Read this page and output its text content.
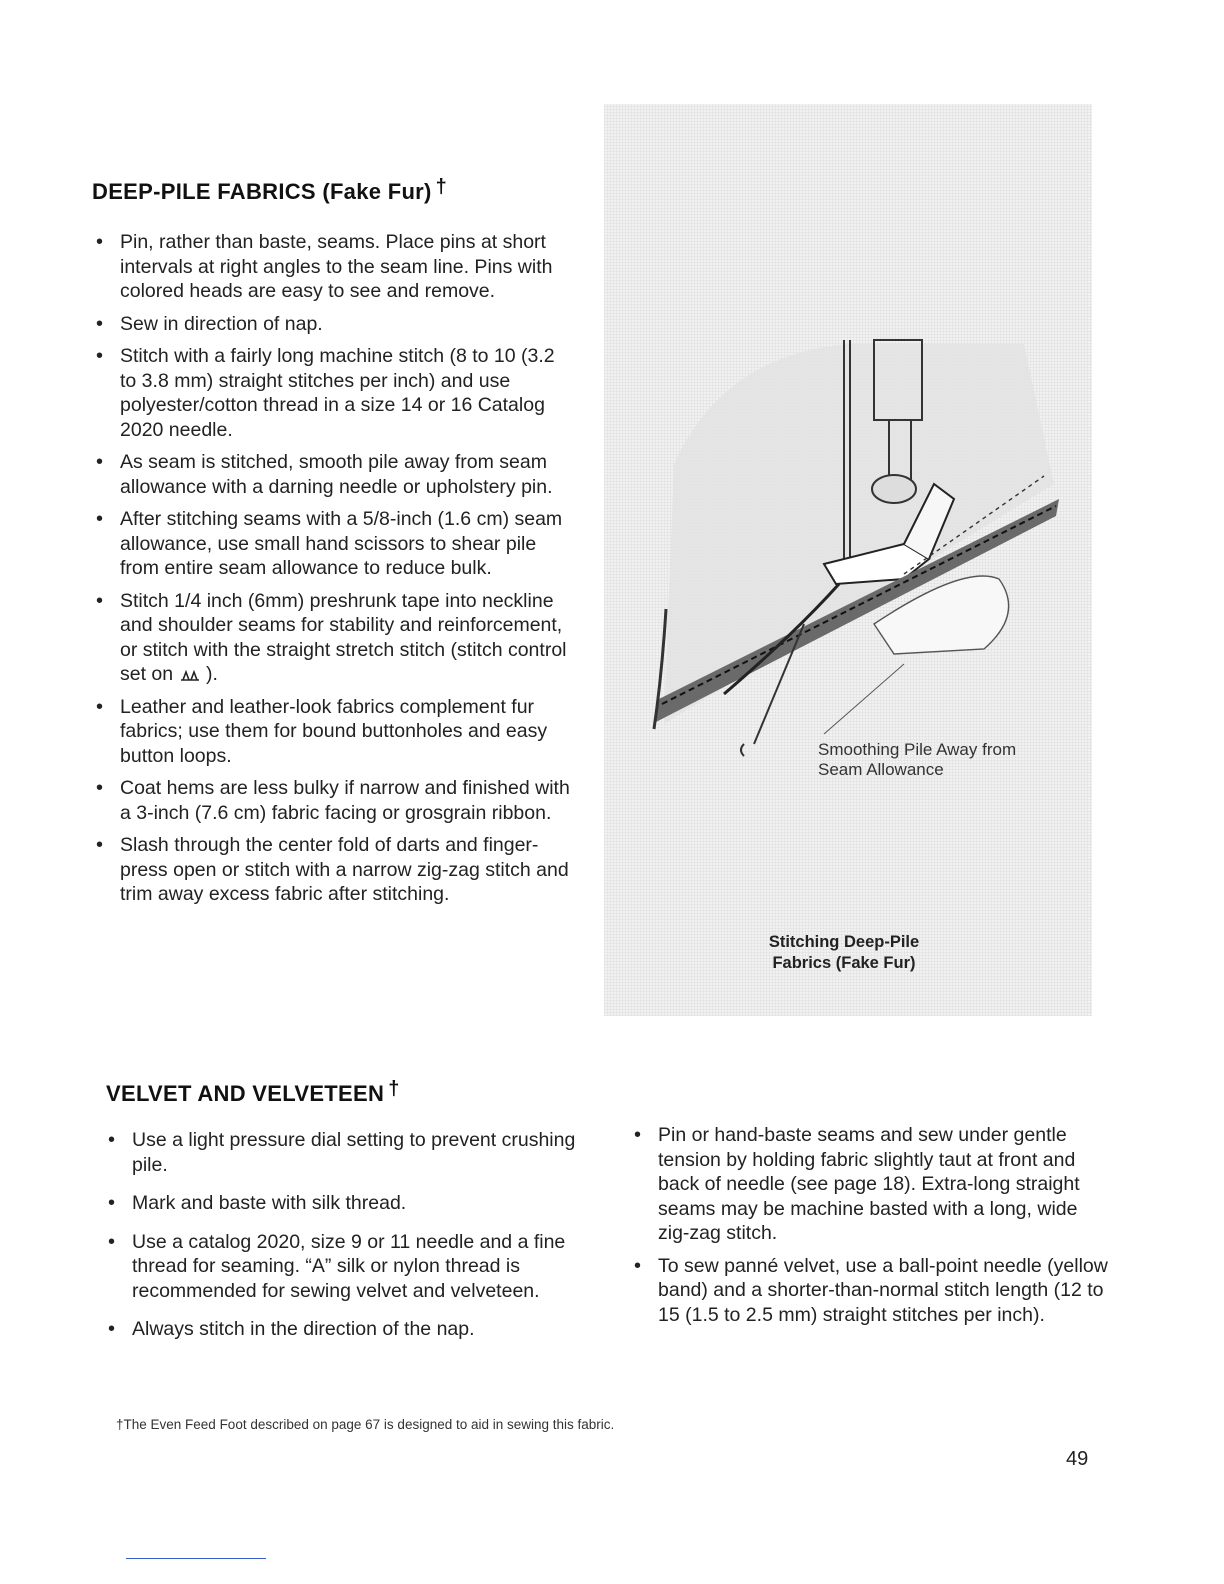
DEEP-PILE FABRICS (Fake Fur) †
• Pin, rather than baste, seams. Place pins at short intervals at right angles to the seam line. Pins with colored heads are easy to see and remove.
• Sew in direction of nap.
• Stitch with a fairly long machine stitch (8 to 10 (3.2 to 3.8 mm) straight stitches per inch) and use polyester/cotton thread in a size 14 or 16 Catalog 2020 needle.
• As seam is stitched, smooth pile away from seam allowance with a darning needle or upholstery pin.
• After stitching seams with a 5/8-inch (1.6 cm) seam allowance, use small hand scissors to shear pile from entire seam allowance to reduce bulk.
• Stitch 1/4 inch (6mm) preshrunk tape into neckline and shoulder seams for stability and reinforcement, or stitch with the straight stretch stitch (stitch control set on ).
• Leather and leather-look fabrics complement fur fabrics; use them for bound buttonholes and easy button loops.
• Coat hems are less bulky if narrow and finished with a 3-inch (7.6 cm) fabric facing or grosgrain ribbon.
• Slash through the center fold of darts and finger-press open or stitch with a narrow zig-zag stitch and trim away excess fabric after stitching.
Smoothing Pile Away from Seam Allowance
Stitching Deep-Pile
Fabrics (Fake Fur)
VELVET AND VELVETEEN †
• Use a light pressure dial setting to prevent crushing pile.
• Mark and baste with silk thread.
• Use a catalog 2020, size 9 or 11 needle and a fine thread for seaming. “A” silk or nylon thread is recommended for sewing velvet and velveteen.
• Always stitch in the direction of the nap.
• Pin or hand-baste seams and sew under gentle tension by holding fabric slightly taut at front and back of needle (see page 18). Extra-long straight seams may be machine basted with a long, wide zig-zag stitch.
• To sew panné velvet, use a ball-point needle (yellow band) and a shorter-than-normal stitch length (12 to 15 (1.5 to 2.5 mm) straight stitches per inch).
†The Even Feed Foot described on page 67 is designed to aid in sewing this fabric.
49
